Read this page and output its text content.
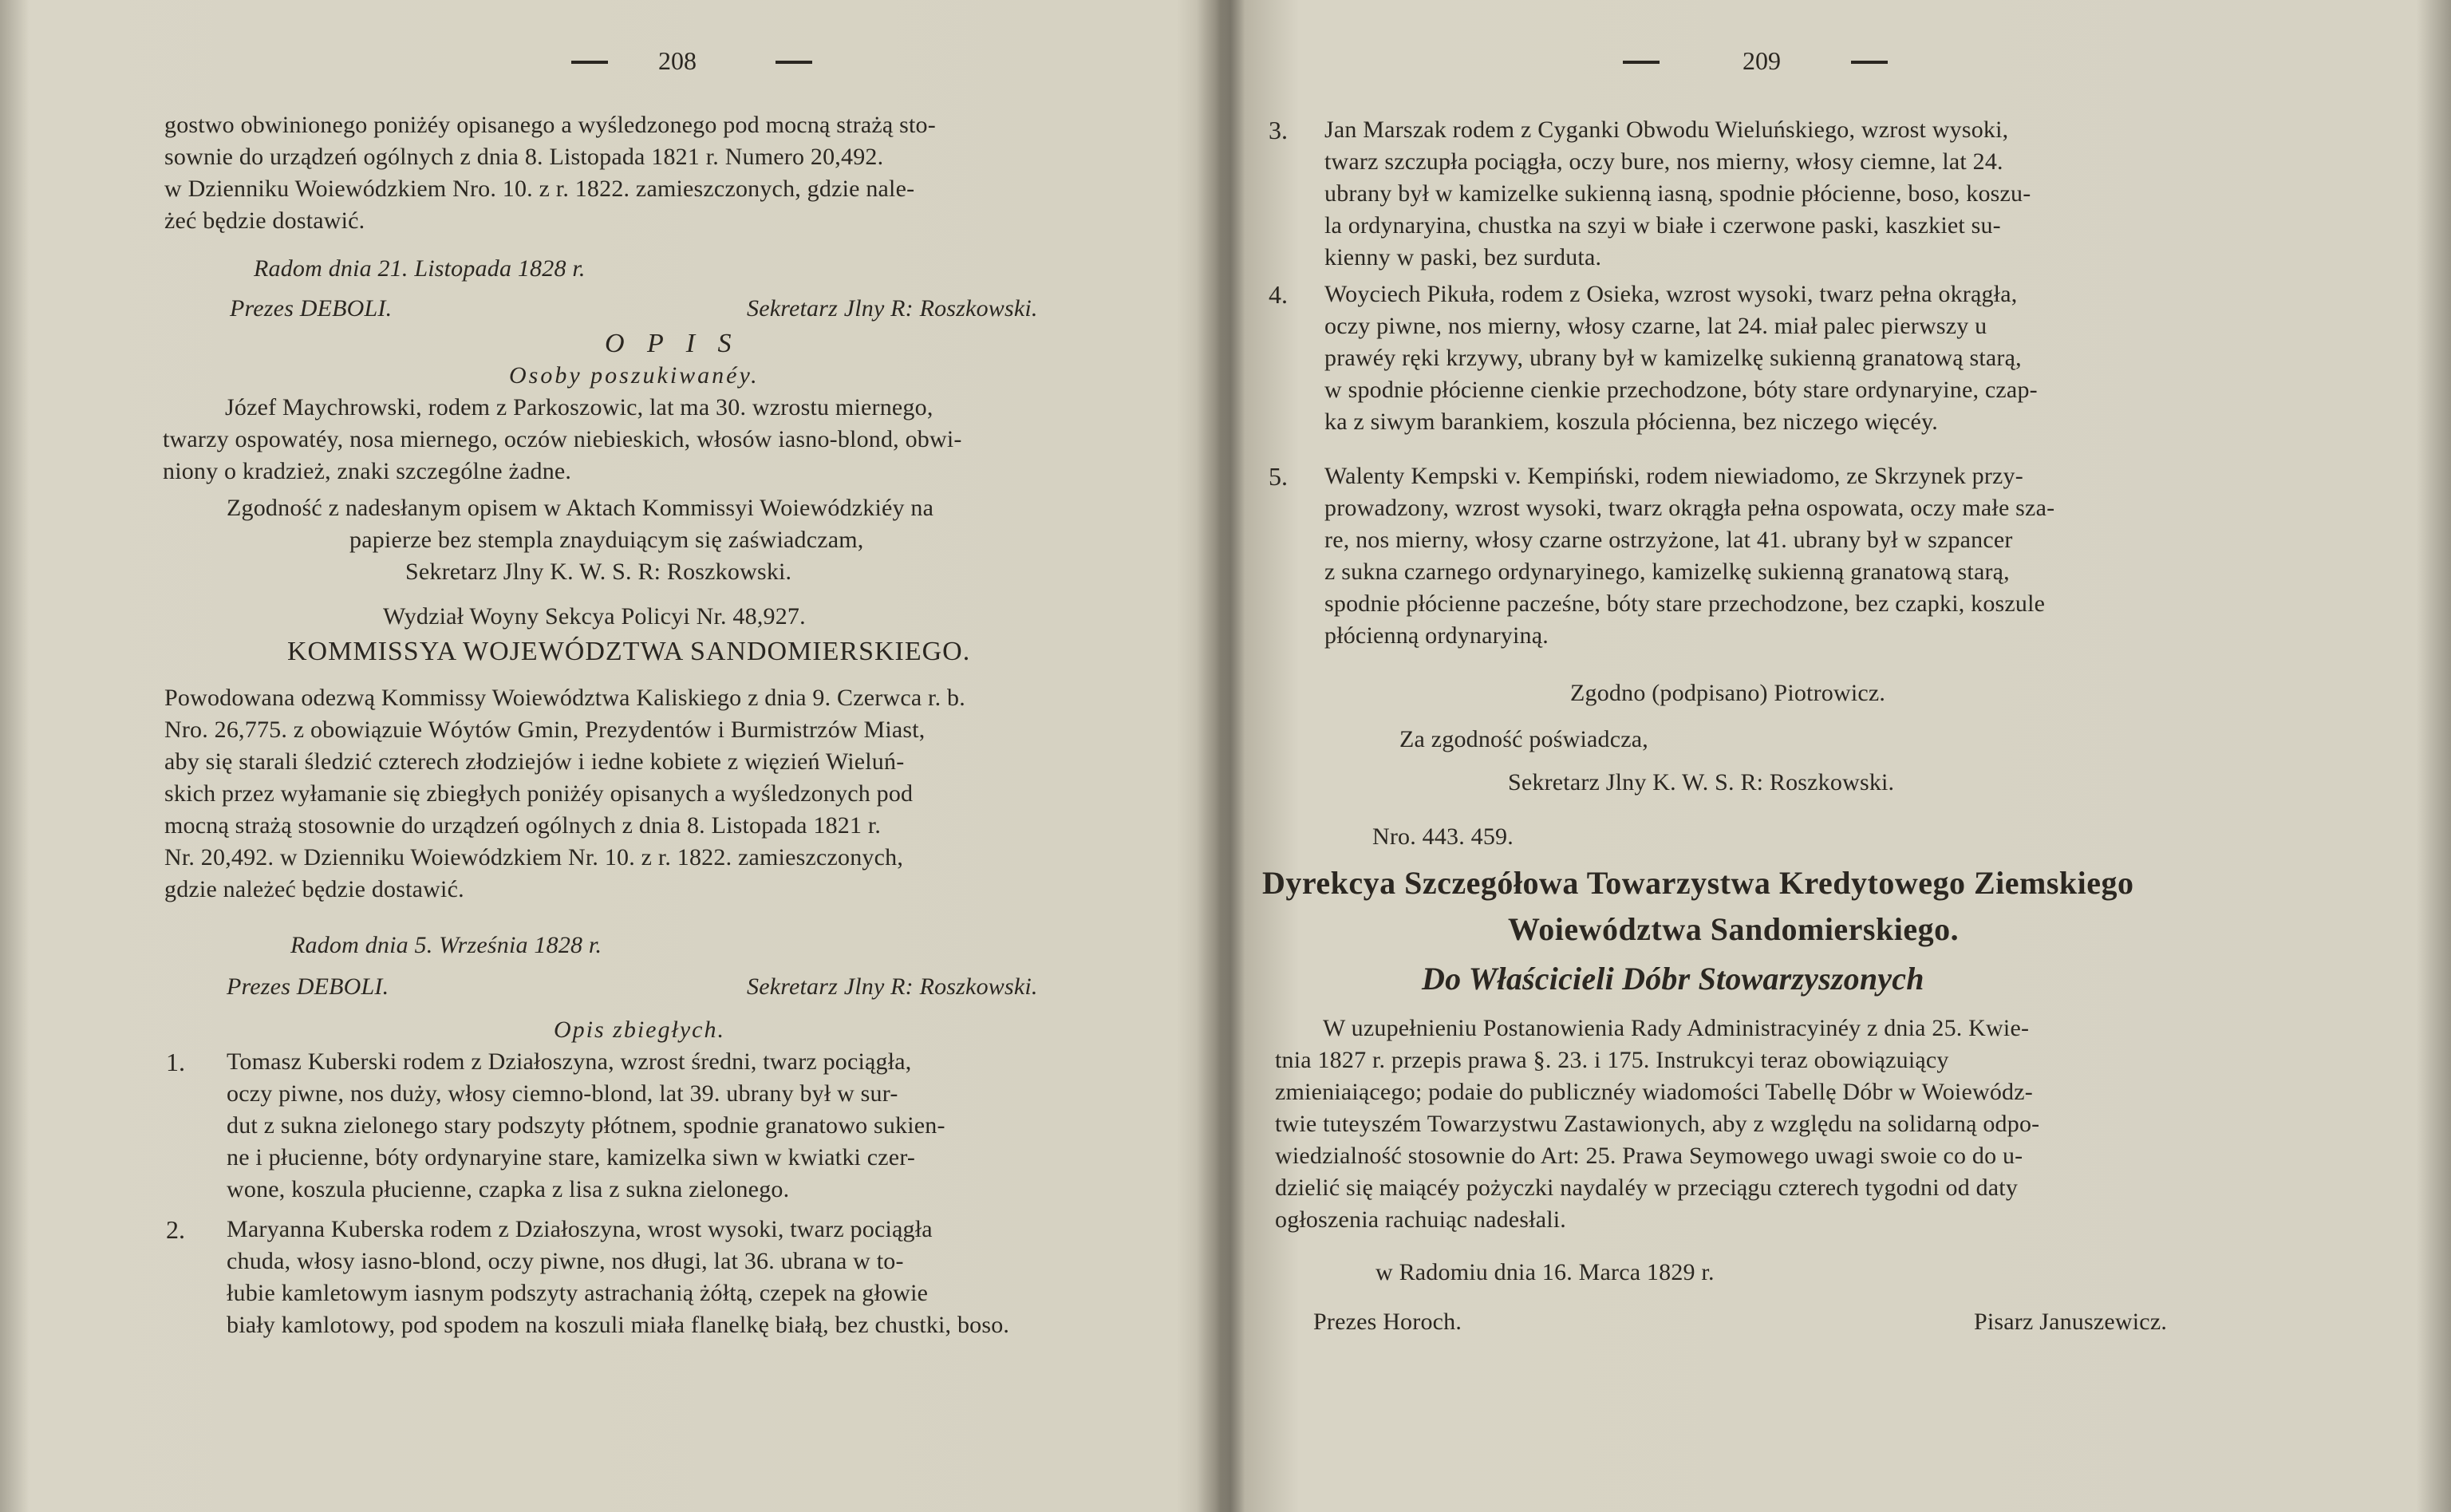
208
gostwo obwinionego poniżéy opisanego a wyśledzonego pod mocną strażą sto-
sownie do urządzeń ogólnych z dnia 8. Listopada 1821 r. Numero 20,492.
w Dzienniku Woiewódzkiem Nro. 10. z r. 1822. zamieszczonych, gdzie nale-
żeć będzie dostawić.
Radom dnia 21. Listopada 1828 r.
Prezes DEBOLI.	Sekretarz Jlny R: Roszkowski.
O P I S
Osoby poszukiwanéy.
Józef Maychrowski, rodem z Parkoszowic, lat ma 30. wzrostu miernego,
twarzy ospowatéy, nosa miernego, oczów niebieskich, włosów iasno-blond, obwi-
niony o kradzież, znaki szczególne żadne.
Zgodność z nadesłanym opisem w Aktach Kommissyi Woiewódzkiéy na
papierze bez stempla znayduiącym się zaświadczam,
Sekretarz Jlny K. W. S. R: Roszkowski.
Wydział Woyny Sekcya Policyi Nr. 48,927.
KOMMISSYA WOJEWÓDZTWA SANDOMIERSKIEGO.
Powodowana odezwą Kommissy Woiewództwa Kaliskiego z dnia 9. Czerwca r. b.
Nro. 26,775. z obowiązuie Wóytów Gmin, Prezydentów i Burmistrzów Miast,
aby się starali śledzić czterech złodziejów i iedne kobiete z więzień Wieluń-
skich przez wyłamanie się zbiegłych poniżéy opisanych a wyśledzonych pod
mocną strażą stosownie do urządzeń ogólnych z dnia 8. Listopada 1821 r.
Nr. 20,492. w Dzienniku Woiewódzkiem Nr. 10. z r. 1822. zamieszczonych,
gdzie należeć będzie dostawić.
Radom dnia 5. Września 1828 r.
Prezes DEBOLI.	Sekretarz Jlny R: Roszkowski.
Opis zbiegłych.
1. Tomasz Kuberski rodem z Działoszyna, wzrost średni, twarz pociągła,
oczy piwne, nos duży, włosy ciemno-blond, lat 39. ubrany był w sur-
dut z sukna zielonego stary podszyty płótnem, spodnie granatowo sukien-
ne i płucienne, bóty ordynaryine stare, kamizelka siwn w kwiatki czer-
wone, koszula płucienne, czapka z lisa z sukna zielonego.
2. Maryanna Kuberska rodem z Działoszyna, wrost wysoki, twarz pociągła
chuda, włosy iasno-blond, oczy piwne, nos długi, lat 36. ubrana w to-
łubie kamletowym iasnym podszyty astrachanią żółtą, czepek na głowie
biały kamlotowy, pod spodem na koszuli miała flanelkę białą, bez chustki, boso.
209
3. Jan Marszak rodem z Cyganki Obwodu Wieluńskiego, wzrost wysoki,
twarz szczupła pociągła, oczy bure, nos mierny, włosy ciemne, lat 24.
ubrany był w kamizelke sukienną iasną, spodnie płócienne, boso, koszu-
la ordynaryina, chustka na szyi w białe i czerwone paski, kaszkiet su-
kienny w paski, bez surduta.
4. Woyciech Pikuła, rodem z Osieka, wzrost wysoki, twarz pełna okrągła,
oczy piwne, nos mierny, włosy czarne, lat 24. miał palec pierwszy u
prawéy ręki krzywy, ubrany był w kamizelkę sukienną granatową starą,
w spodnie płócienne cienkie przechodzone, bóty stare ordynaryine, czap-
ka z siwym barankiem, koszula płócienna, bez niczego więcéy.
5. Walenty Kempski v. Kempiński, rodem niewiadomo, ze Skrzynek przy-
prowadzony, wzrost wysoki, twarz okrągła pełna ospowata, oczy małe sza-
re, nos mierny, włosy czarne ostrzyżone, lat 41. ubrany był w szpancer
z sukna czarnego ordynaryinego, kamizelkę sukienną granatową starą,
spodnie płócienne pacześne, bóty stare przechodzone, bez czapki, koszule
płócienną ordynaryiną.
Zgodno (podpisano) Piotrowicz.
Za zgodność poświadcza,
Sekretarz Jlny K. W. S. R: Roszkowski.
Nro. 443. 459.
Dyrekcya Szczegółowa Towarzystwa Kredytowego Ziemskiego
Woiewództwa Sandomierskiego.
Do Właścicieli Dóbr Stowarzyszonych
W uzupełnieniu Postanowienia Rady Administracyinéy z dnia 25. Kwie-
tnia 1827 r. przepis prawa §. 23. i 175. Instrukcyi teraz obowiązuiący
zmieniaiącego; podaie do publicznéy wiadomości Tabellę Dóbr w Woiewódz-
twie tuteyszém Towarzystwu Zastawionych, aby z względu na solidarną odpo-
wiedzialność stosownie do Art: 25. Prawa Seymowego uwagi swoie co do u-
dzielić się maiącéy pożyczki naydaléy w przeciągu czterech tygodni od daty
ogłoszenia rachuiąc nadesłali.
w Radomiu dnia 16. Marca 1829 r.
Prezes Horoch.	Pisarz Januszewicz.
